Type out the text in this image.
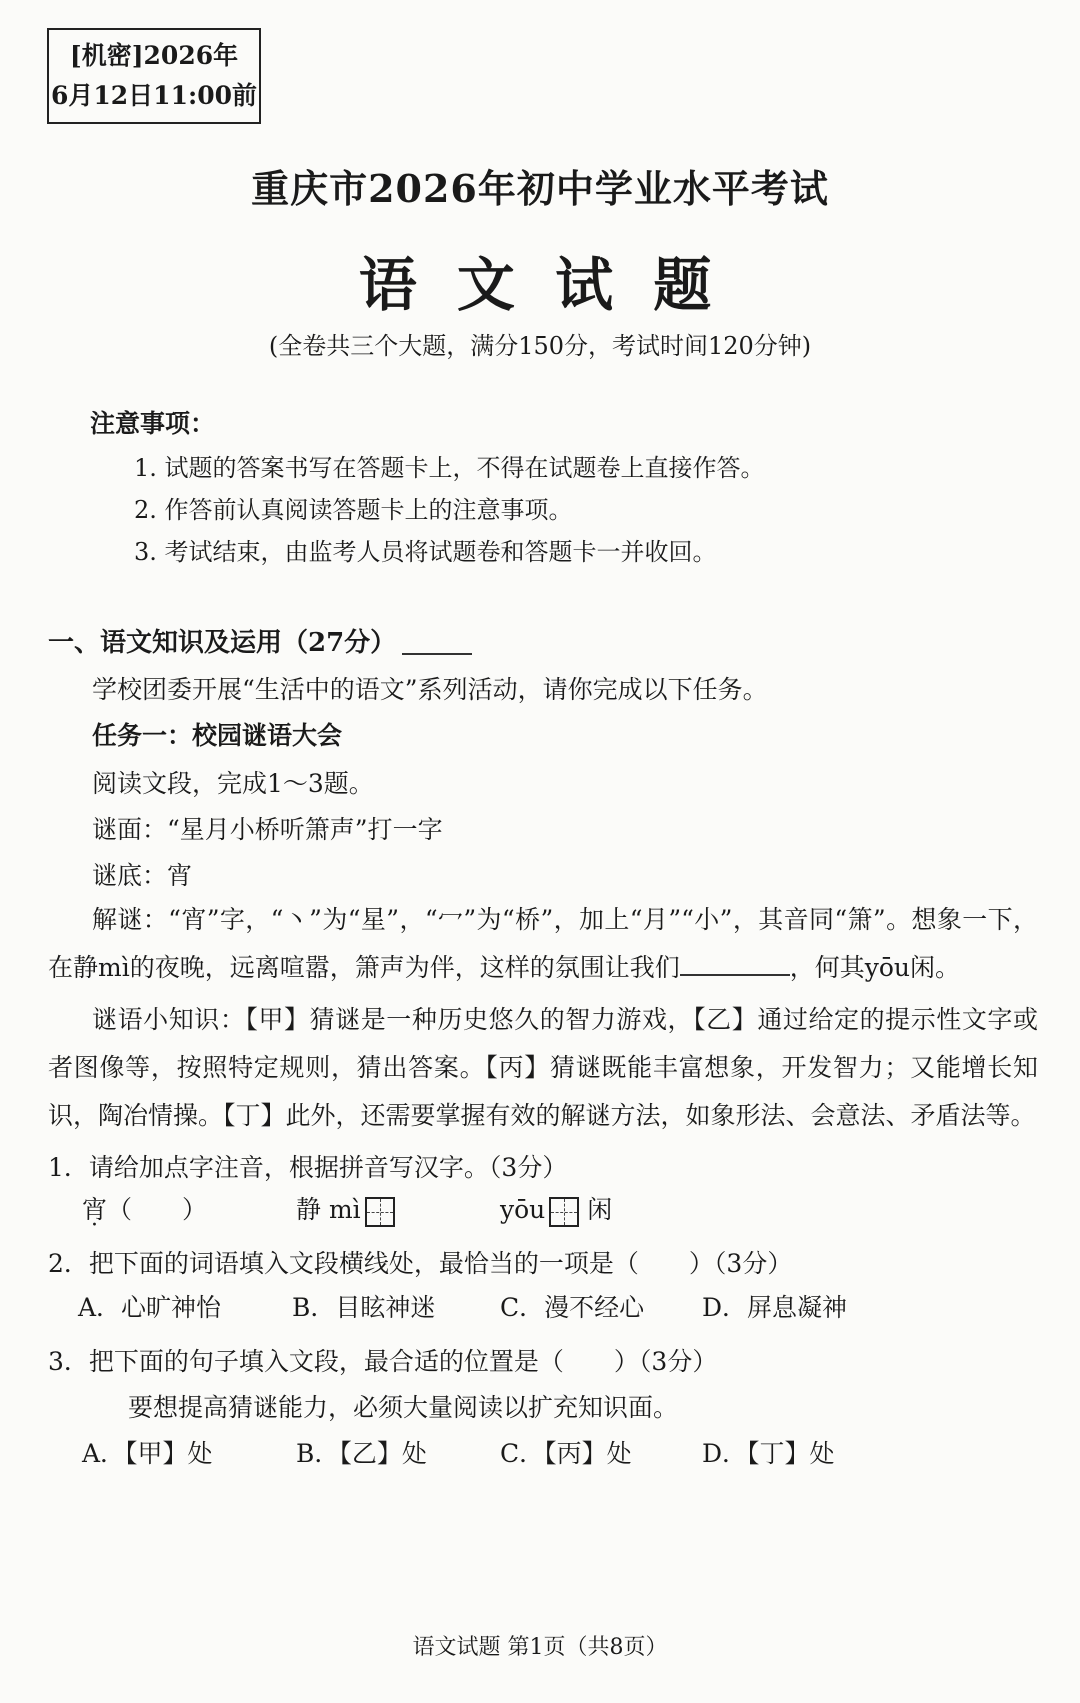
[机密]2026年
6月12日11:00前
重庆市2026年初中学业水平考试
语 文 试 题
(全卷共三个大题，满分150分，考试时间120分钟)
注意事项：
1. 试题的答案书写在答题卡上，不得在试题卷上直接作答。
2. 作答前认真阅读答题卡上的注意事项。
3. 考试结束，由监考人员将试题卷和答题卡一并收回。
一、语文知识及运用（27分）
学校团委开展“生活中的语文”系列活动，请你完成以下任务。
任务一：校园谜语大会
阅读文段，完成1～3题。
谜面：“星月小桥听箫声”打一字
谜底：宵
解谜：“宵”字，“丶”为“星”，“冖”为“桥”，加上“月”“小”，其音同“箫”。想象一下，在静mì的夜晚，远离喧嚣，箫声为伴，这样的氛围让我们	，何其yōu闲。
谜语小知识：【甲】猜谜是一种历史悠久的智力游戏，【乙】通过给定的提示性文字或者图像等，按照特定规则，猜出答案。【丙】猜谜既能丰富想象，开发智力；又能增长知识，陶冶情操。【丁】此外，还需要掌握有效的解谜方法，如象形法、会意法、矛盾法等。
1．请给加点字注音，根据拼音写汉字。（3分）
宵（　　）	静 mì	yōu 闲
2．把下面的词语填入文段横线处，最恰当的一项是（　　）（3分）
A．心旷神怡	B．目眩神迷	C．漫不经心 D．屏息凝神
3．把下面的句子填入文段，最合适的位置是（　　）（3分）
要想提高猜谜能力，必须大量阅读以扩充知识面。
A．【甲】处	B．【乙】处	C．【丙】处	D．【丁】处
语文试题 第1页（共8页）
